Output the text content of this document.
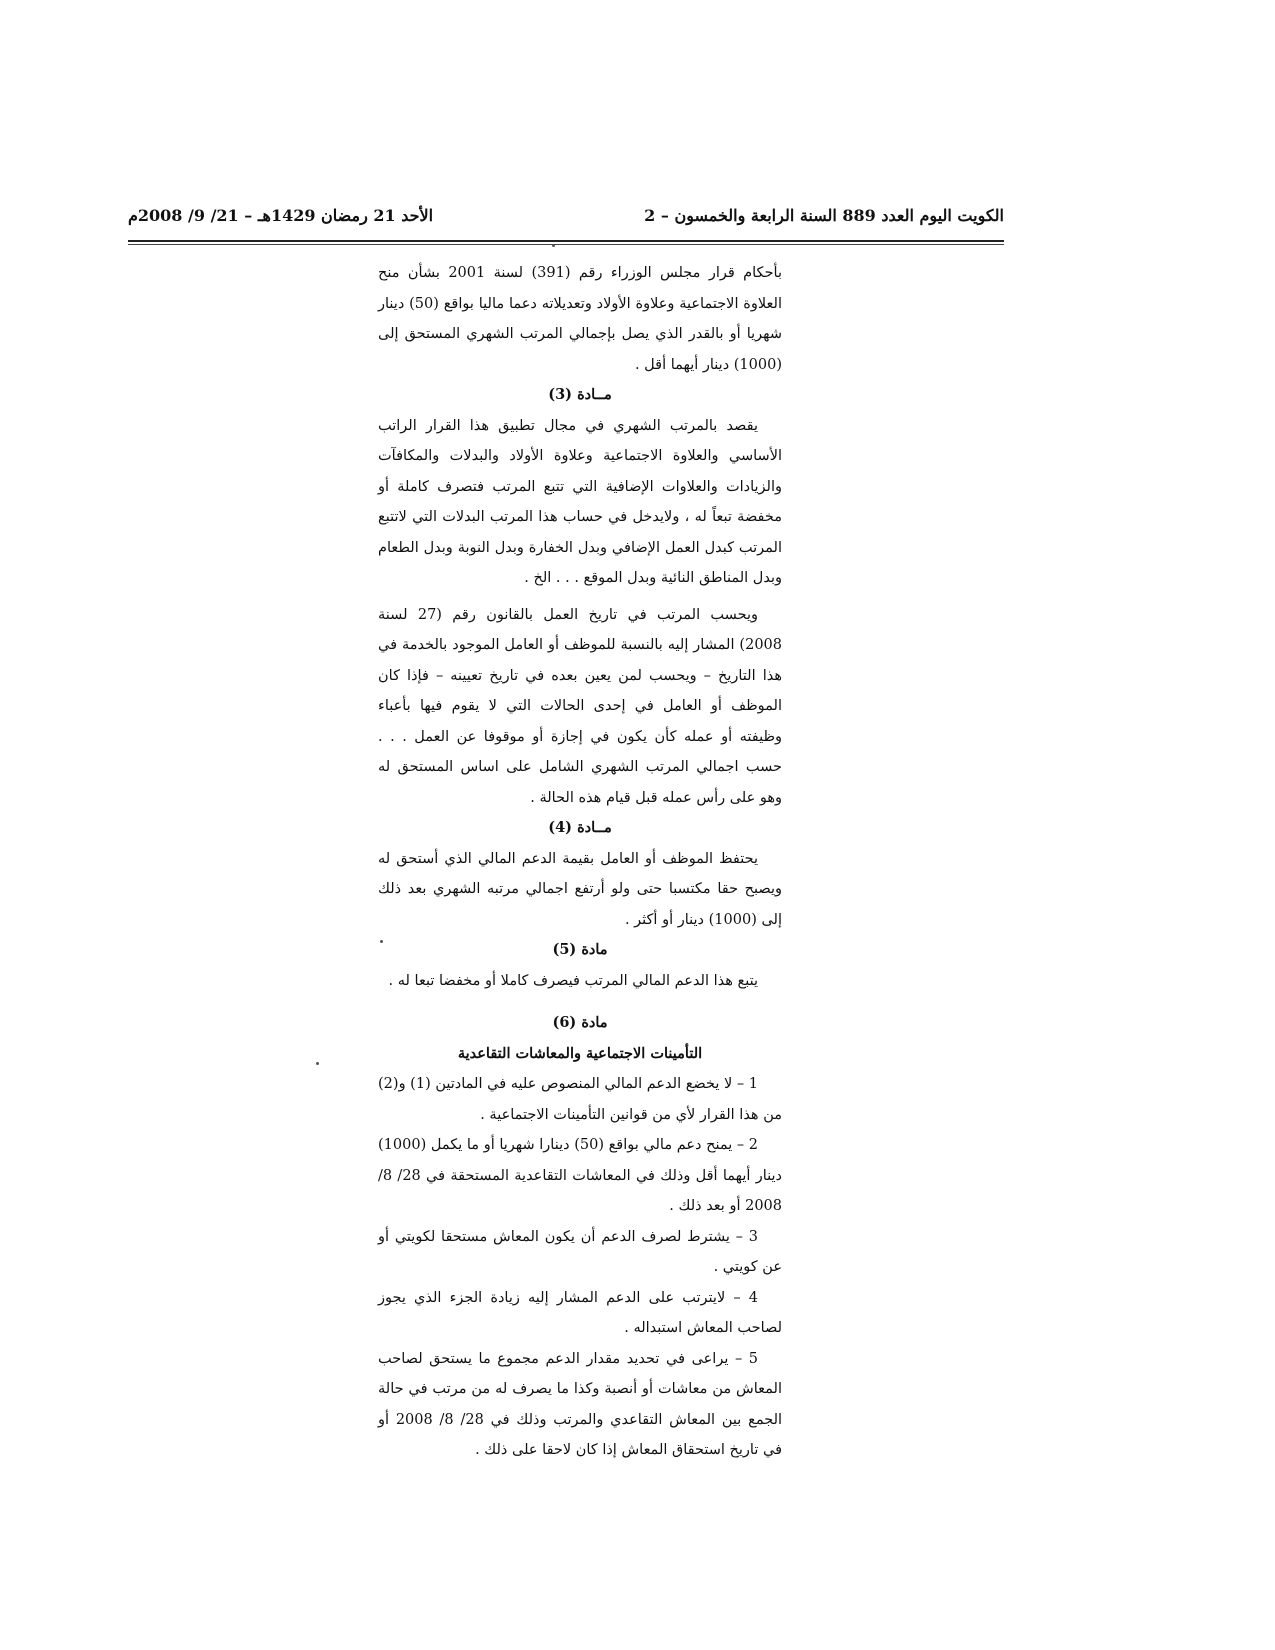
الكويت اليوم العدد 889 السنة الرابعة والخمسون – 2
الأحد 21 رمضان 1429هـ – 21/ 9/ 2008م

بأحكام قرار مجلس الوزراء رقم (391) لسنة 2001 بشأن منح العلاوة الاجتماعية وعلاوة الأولاد وتعديلاته دعما ماليا بواقع (50) دينار شهريا أو بالقدر الذي يصل بإجمالي المرتب الشهري المستحق إلى (1000) دينار أيهما أقل .

مــادة (3)

يقصد بالمرتب الشهري في مجال تطبيق هذا القرار الراتب الأساسي والعلاوة الاجتماعية وعلاوة الأولاد والبدلات والمكافآت والزيادات والعلاوات الإضافية التي تتبع المرتب فتصرف كاملة أو مخفضة تبعاً له ، ولايدخل في حساب هذا المرتب البدلات التي لاتتبع المرتب كبدل العمل الإضافي وبدل الخفارة وبدل النوبة وبدل الطعام وبدل المناطق النائية وبدل الموقع . . . الخ .

ويحسب المرتب في تاريخ العمل بالقانون رقم (27 لسنة 2008) المشار إليه بالنسبة للموظف أو العامل الموجود بالخدمة في هذا التاريخ – ويحسب لمن يعين بعده في تاريخ تعيينه – فإذا كان الموظف أو العامل في إحدى الحالات التي لا يقوم فيها بأعباء وظيفته أو عمله كأن يكون في إجازة أو موقوفا عن العمل . . . حسب اجمالي المرتب الشهري الشامل على اساس المستحق له وهو على رأس عمله قبل قيام هذه الحالة .

مــادة (4)

يحتفظ الموظف أو العامل بقيمة الدعم المالي الذي أستحق له ويصبح حقا مكتسبا حتى ولو أرتفع اجمالي مرتبه الشهري بعد ذلك إلى (1000) دينار أو أكثر .

مادة (5)

يتبع هذا الدعم المالي المرتب فيصرف كاملا أو مخفضا تبعا له .

مادة (6)

التأمينات الاجتماعية والمعاشات التقاعدية

1 – لا يخضع الدعم المالي المنصوص عليه في المادتين (1) و(2) من هذا القرار لأي من قوانين التأمينات الاجتماعية .

2 – يمنح دعم مالي بواقع (50) دينارا شهريا أو ما يكمل (1000) دينار أيهما أقل وذلك في المعاشات التقاعدية المستحقة في 28/ 8/ 2008 أو بعد ذلك .

3 – يشترط لصرف الدعم أن يكون المعاش مستحقا لكويتي أو عن كويتي .

4 – لايترتب على الدعم المشار إليه زيادة الجزء الذي يجوز لصاحب المعاش استبداله .

5 – يراعى في تحديد مقدار الدعم مجموع ما يستحق لصاحب المعاش من معاشات أو أنصبة وكذا ما يصرف له من مرتب في حالة الجمع بين المعاش التقاعدي والمرتب وذلك في 28/ 8/ 2008 أو في تاريخ استحقاق المعاش إذا كان لاحقا على ذلك .
